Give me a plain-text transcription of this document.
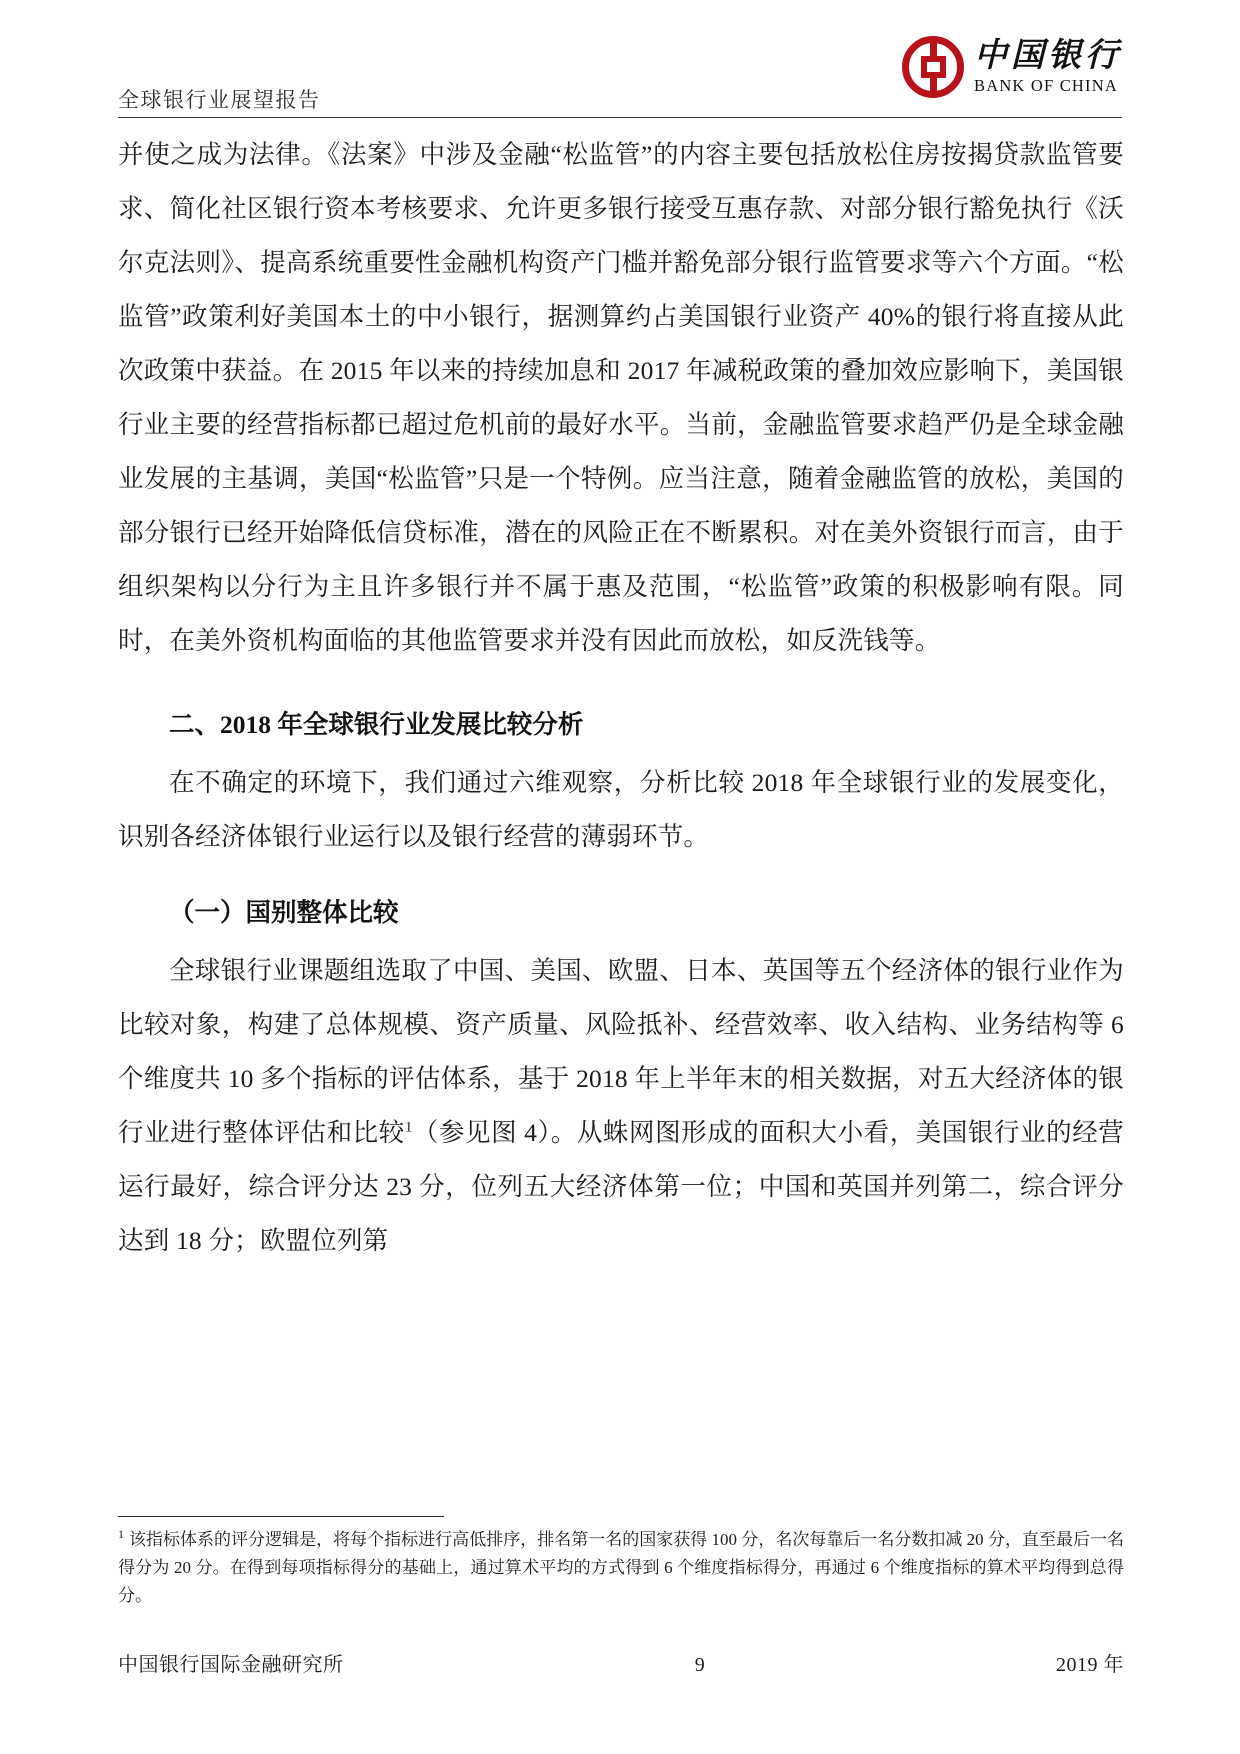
全球银行业展望报告
中国银行
BANK OF CHINA

并使之成为法律。《法案》中涉及金融“松监管”的内容主要包括放松住房按揭贷款监管要求、简化社区银行资本考核要求、允许更多银行接受互惠存款、对部分银行豁免执行《沃尔克法则》、提高系统重要性金融机构资产门槛并豁免部分银行监管要求等六个方面。“松监管”政策利好美国本土的中小银行，据测算约占美国银行业资产 40%的银行将直接从此次政策中获益。在 2015 年以来的持续加息和 2017 年减税政策的叠加效应影响下，美国银行业主要的经营指标都已超过危机前的最好水平。当前，金融监管要求趋严仍是全球金融业发展的主基调，美国“松监管”只是一个特例。应当注意，随着金融监管的放松，美国的部分银行已经开始降低信贷标准，潜在的风险正在不断累积。对在美外资银行而言，由于组织架构以分行为主且许多银行并不属于惠及范围，“松监管”政策的积极影响有限。同时，在美外资机构面临的其他监管要求并没有因此而放松，如反洗钱等。

二、2018 年全球银行业发展比较分析

在不确定的环境下，我们通过六维观察，分析比较 2018 年全球银行业的发展变化，识别各经济体银行业运行以及银行经营的薄弱环节。

（一）国别整体比较

全球银行业课题组选取了中国、美国、欧盟、日本、英国等五个经济体的银行业作为比较对象，构建了总体规模、资产质量、风险抵补、经营效率、收入结构、业务结构等 6 个维度共 10 多个指标的评估体系，基于 2018 年上半年末的相关数据，对五大经济体的银行业进行整体评估和比较$^1$（参见图 4）。从蛛网图形成的面积大小看，美国银行业的经营运行最好，综合评分达 23 分，位列五大经济体第一位；中国和英国并列第二，综合评分达到 18 分；欧盟位列第

$^1$ 该指标体系的评分逻辑是，将每个指标进行高低排序，排名第一名的国家获得 100 分，名次每靠后一名分数扣减 20 分，直至最后一名得分为 20 分。在得到每项指标得分的基础上，通过算术平均的方式得到 6 个维度指标得分，再通过 6 个维度指标的算术平均得到总得分。
中国银行国际金融研究所	9	2019 年
